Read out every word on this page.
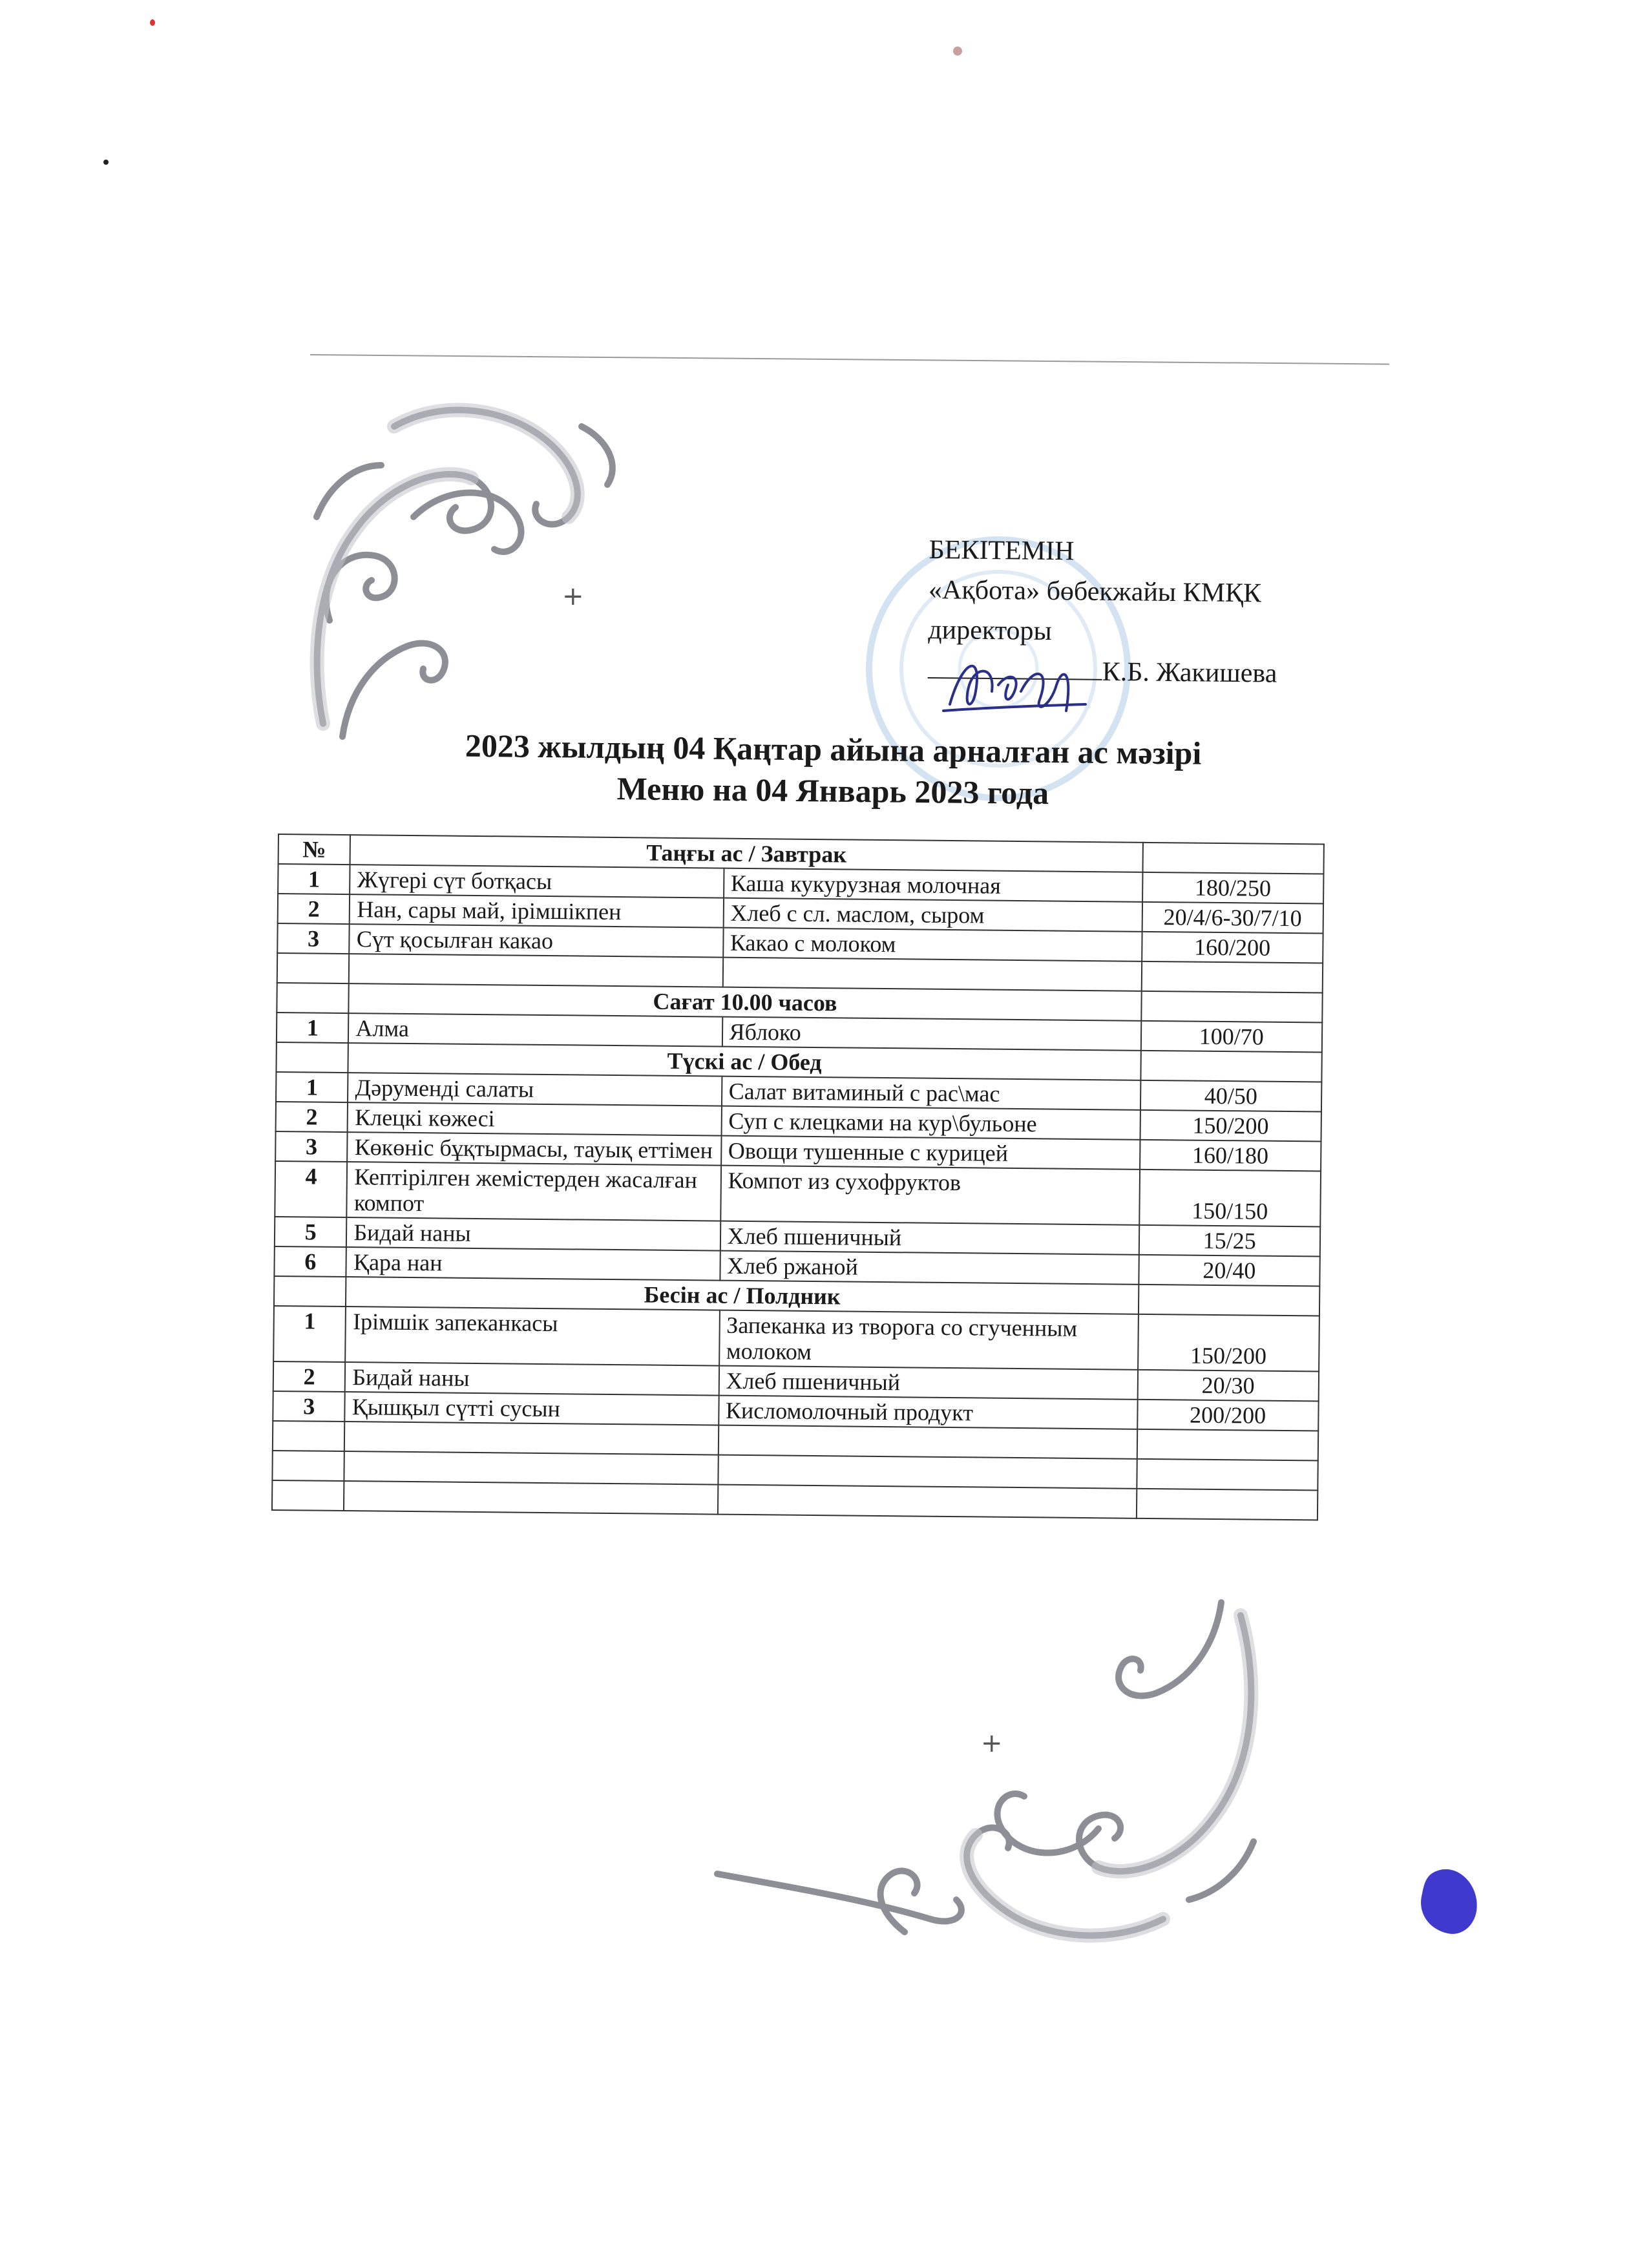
+
+
БЕКІТЕМІН
«Ақбота» бөбекжайы КМҚК
директоры
К.Б. Жакишева
2023 жылдың 04 Қаңтар айына арналған ас мәзірі
Меню на 04 Январь 2023 года
№	Таңғы ас / Завтрак		
1	Жүгері сүт ботқасы	Каша кукурузная молочная	180/250
2	Нан, сары май, ірімшікпен	Хлеб с сл. маслом, сыром	20/4/6-30/7/10
3	Сүт қосылған какао	Какао с молоком	160/200

	Сағат 10.00 часов		
1	Алма	Яблоко	100/70
	Түскі ас / Обед		
1	Дәруменді салаты	Салат витаминый с рас\мас	40/50
2	Клецкі көжесі	Суп с клецками на кур\бульоне	150/200
3	Көкөніс бұқтырмасы, тауық еттімен	Овощи тушенные с курицей	160/180
4	Кептірілген жемістерден жасалған компот	Компот из сухофруктов	150/150
5	Бидай наны	Хлеб пшеничный	15/25
6	Қара нан	Хлеб ржаной	20/40
	Бесін ас / Полдник		
1	Ірімшік запеканкасы	Запеканка из творога со сгученным молоком	150/200
2	Бидай наны	Хлеб пшеничный	20/30
3	Қышқыл сүтті сусын	Кисломолочный продукт	200/200
